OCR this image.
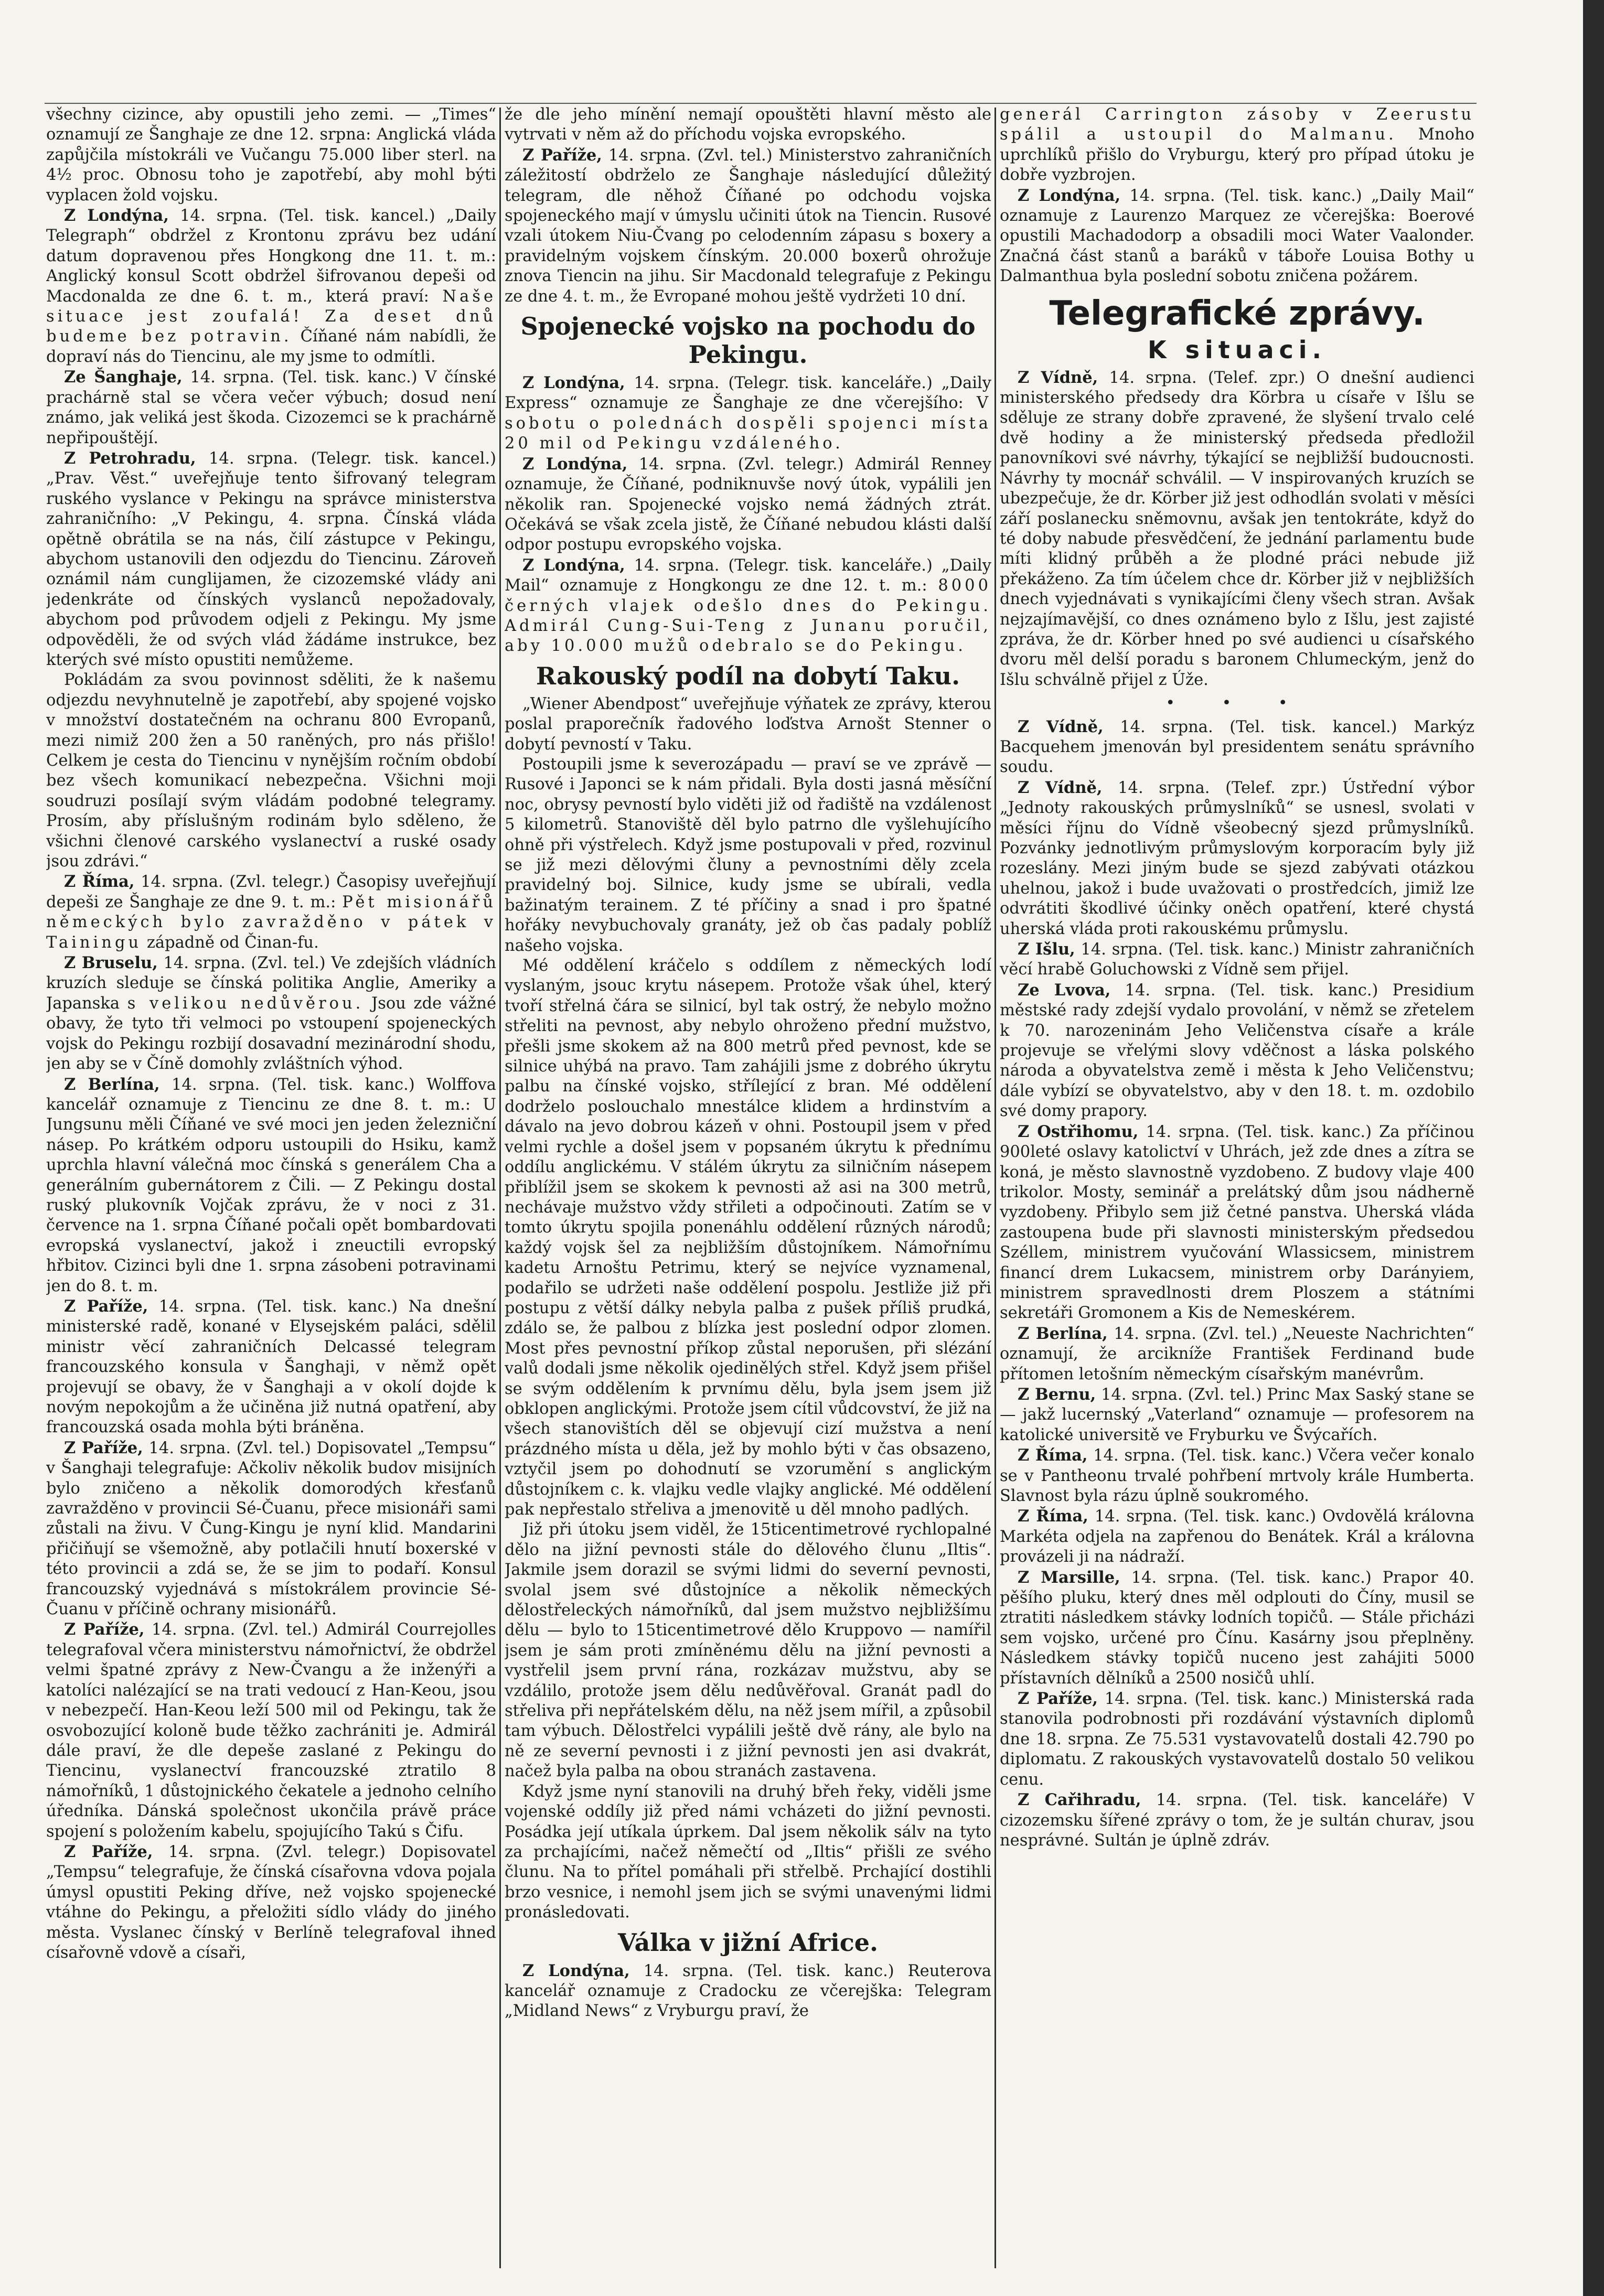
všechny cizince, aby opustili jeho zemi. — „Times“ oznamují ze Šanghaje ze dne 12. srpna: Anglická vláda zapůjčila místokráli ve Vučangu 75.000 liber sterl. na 4½ proc. Obnosu toho je zapotřebí, aby mohl býti vyplacen žold vojsku.

Z Londýna, 14. srpna. (Tel. tisk. kancel.) „Daily Telegraph“ obdržel z Krontonu zprávu bez udání datum dopravenou přes Hongkong dne 11. t. m.: Anglický konsul Scott obdržel šifrovanou depeši od Macdonalda ze dne 6. t. m., která praví: Naše situace jest zoufalá! Za deset dnů budeme bez potravin. Číňané nám nabídli, že dopraví nás do Tiencinu, ale my jsme to odmítli.

Ze Šanghaje, 14. srpna. (Tel. tisk. kanc.) V čínské prachárně stal se včera večer výbuch; dosud není známo, jak veliká jest škoda. Cizozemci se k prachárně nepřipouštějí.

Z Petrohradu, 14. srpna. (Telegr. tisk. kancel.) „Prav. Věst.“ uveřejňuje tento šifrovaný telegram ruského vyslance v Pekingu na správce ministerstva zahraničního: „V Pekingu, 4. srpna. Čínská vláda opětně obrátila se na nás, čilí zástupce v Pekingu, abychom ustanovili den odjezdu do Tiencinu. Zároveň oznámil nám cunglijamen, že cizozemské vlády ani jedenkráte od čínských vyslanců nepožadovaly, abychom pod průvodem odjeli z Pekingu. My jsme odpověděli, že od svých vlád žádáme instrukce, bez kterých své místo opustiti nemůžeme.

Pokládám za svou povinnost sděliti, že k našemu odjezdu nevyhnutelně je zapotřebí, aby spojené vojsko v množství dostatečném na ochranu 800 Evropanů, mezi nimiž 200 žen a 50 raněných, pro nás přišlo! Celkem je cesta do Tiencinu v nynějším ročním období bez všech komunikací nebezpečna. Všichni moji soudruzi posílají svým vládám podobné telegramy. Prosím, aby příslušným rodinám bylo sděleno, že všichni členové carského vyslanectví a ruské osady jsou zdrávi.“

Z Říma, 14. srpna. (Zvl. telegr.) Časopisy uveřejňují depeši ze Šanghaje ze dne 9. t. m.: Pět misionářů německých bylo zavražděno v pátek v Tainingu západně od Činan-fu.

Z Bruselu, 14. srpna. (Zvl. tel.) Ve zdejších vládních kruzích sleduje se čínská politika Anglie, Ameriky a Japanska s velikou nedůvěrou. Jsou zde vážné obavy, že tyto tři velmoci po vstoupení spojeneckých vojsk do Pekingu rozbijí dosavadní mezinárodní shodu, jen aby se v Číně domohly zvláštních výhod.

Z Berlína, 14. srpna. (Tel. tisk. kanc.) Wolffova kancelář oznamuje z Tiencinu ze dne 8. t. m.: U Jungsunu měli Číňané ve své moci jen jeden železniční násep. Po krátkém odporu ustoupili do Hsiku, kamž uprchla hlavní válečná moc čínská s generálem Cha a generálním gubernátorem z Čili. — Z Pekingu dostal ruský plukovník Vojčak zprávu, že v noci z 31. července na 1. srpna Číňané počali opět bombardovati evropská vyslanectví, jakož i zneuctili evropský hřbitov. Cizinci byli dne 1. srpna zásobeni potravinami jen do 8. t. m.

Z Paříže, 14. srpna. (Tel. tisk. kanc.) Na dnešní ministerské radě, konané v Elysejském paláci, sdělil ministr věcí zahraničních Delcassé telegram francouzského konsula v Šanghaji, v němž opět projevují se obavy, že v Šanghaji a v okolí dojde k novým nepokojům a že učiněna již nutná opatření, aby francouzská osada mohla býti bráněna.

Z Paříže, 14. srpna. (Zvl. tel.) Dopisovatel „Tempsu“ v Šanghaji telegrafuje: Ačkoliv několik budov misijních bylo zničeno a několik domorodých křesťanů zavražděno v provincii Sé-Čuanu, přece misionáři sami zůstali na živu. V Čung-Kingu je nyní klid. Mandarini přičiňují se všemožně, aby potlačili hnutí boxerské v této provincii a zdá se, že se jim to podaří. Konsul francouzský vyjednává s místokrálem provincie Sé-Čuanu v příčině ochrany misionářů.

Z Paříže, 14. srpna. (Zvl. tel.) Admirál Courrejolles telegrafoval včera ministerstvu námořnictví, že obdržel velmi špatné zprávy z New-Čvangu a že inženýři a katolíci nalézající se na trati vedoucí z Han-Keou, jsou v nebezpečí. Han-Keou leží 500 mil od Pekingu, tak že osvobozující koloně bude těžko zachrániti je. Admirál dále praví, že dle depeše zaslané z Pekingu do Tiencinu, vyslanectví francouzské ztratilo 8 námořníků, 1 důstojnického čekatele a jednoho celního úředníka. Dánská společnost ukončila právě práce spojení s položením kabelu, spojujícího Takú s Čifu.

Z Paříže, 14. srpna. (Zvl. telegr.) Dopisovatel „Tempsu“ telegrafuje, že čínská císařovna vdova pojala úmysl opustiti Peking dříve, než vojsko spojenecké vtáhne do Pekingu, a přeložiti sídlo vlády do jiného města. Vyslanec čínský v Berlíně telegrafoval ihned císařovně vdově a císaři,

že dle jeho mínění nemají opouštěti hlavní město ale vytrvati v něm až do příchodu vojska evropského.

Z Paříže, 14. srpna. (Zvl. tel.) Ministerstvo zahraničních záležitostí obdrželo ze Šanghaje následující důležitý telegram, dle něhož Číňané po odchodu vojska spojeneckého mají v úmyslu učiniti útok na Tiencin. Rusové vzali útokem Niu-Čvang po celodenním zápasu s boxery a pravidelným vojskem čínským. 20.000 boxerů ohrožuje znova Tiencin na jihu. Sir Macdonald telegrafuje z Pekingu ze dne 4. t. m., že Evropané mohou ještě vydržeti 10 dní.

Spojenecké vojsko na pochodu do Pekingu.

Z Londýna, 14. srpna. (Telegr. tisk. kanceláře.) „Daily Express“ oznamuje ze Šanghaje ze dne včerejšího: V sobotu o polednách dospěli spojenci místa 20 mil od Pekingu vzdáleného.

Z Londýna, 14. srpna. (Zvl. telegr.) Admirál Renney oznamuje, že Číňané, podniknuvše nový útok, vypálili jen několik ran. Spojenecké vojsko nemá žádných ztrát. Očekává se však zcela jistě, že Číňané nebudou klásti další odpor postupu evropského vojska.

Z Londýna, 14. srpna. (Telegr. tisk. kanceláře.) „Daily Mail“ oznamuje z Hongkongu ze dne 12. t. m.: 8000 černých vlajek odešlo dnes do Pekingu. Admirál Cung-Sui-Teng z Junanu poručil, aby 10.000 mužů odebralo se do Pekingu.

Rakouský podíl na dobytí Taku.

„Wiener Abendpost“ uveřejňuje výňatek ze zprávy, kterou poslal praporečník řadového loďstva Arnošt Stenner o dobytí pevností v Taku.

Postoupili jsme k severozápadu — praví se ve zprávě — Rusové i Japonci se k nám přidali. Byla dosti jasná měsíční noc, obrysy pevností bylo viděti již od řadiště na vzdálenost 5 kilometrů. Stanoviště děl bylo patrno dle vyšlehujícího ohně při výstřelech. Když jsme postupovali v před, rozvinul se již mezi dělovými čluny a pevnostními děly zcela pravidelný boj. Silnice, kudy jsme se ubírali, vedla bažinatým terainem. Z té příčiny a snad i pro špatné hořáky nevybuchovaly granáty, jež ob čas padaly poblíž našeho vojska.

Mé oddělení kráčelo s oddílem z německých lodí vyslaným, jsouc krytu násepem. Protože však úhel, který tvoří střelná čára se silnicí, byl tak ostrý, že nebylo možno střeliti na pevnost, aby nebylo ohroženo přední mužstvo, přešli jsme skokem až na 800 metrů před pevnost, kde se silnice uhýbá na pravo. Tam zahájili jsme z dobrého úkrytu palbu na čínské vojsko, střílející z bran. Mé oddělení dodrželo poslouchalo mnestálce klidem a hrdinstvím a dávalo na jevo dobrou kázeň v ohni. Postoupil jsem v před velmi rychle a došel jsem v popsaném úkrytu k přednímu oddílu anglickému. V stálém úkrytu za silničním násepem přiblížil jsem se skokem k pevnosti až asi na 300 metrů, nechávaje mužstvo vždy střileti a odpočinouti. Zatím se v tomto úkrytu spojila ponenáhlu oddělení různých národů; každý vojsk šel za nejbližším důstojníkem. Námořnímu kadetu Arnoštu Petrimu, který se nejvíce vyznamenal, podařilo se udržeti naše oddělení pospolu. Jestliže již při postupu z větší dálky nebyla palba z pušek příliš prudká, zdálo se, že palbou z blízka jest poslední odpor zlomen. Most přes pevnostní příkop zůstal neporušen, při slézání valů dodali jsme několik ojedinělých střel. Když jsem přišel se svým oddělením k prvnímu dělu, byla jsem jsem již obklopen anglickými. Protože jsem cítil vůdcovství, že již na všech stanovištích děl se objevují cizí mužstva a není prázdného místa u děla, jež by mohlo býti v čas obsazeno, vztyčil jsem po dohodnutí se vzorumění s anglickým důstojníkem c. k. vlajku vedle vlajky anglické. Mé oddělení pak nepřestalo střeliva a jmenovitě u děl mnoho padlých.

Již při útoku jsem viděl, že 15ticentimetrové rychlopalné dělo na jižní pevnosti stále do dělového člunu „Iltis“. Jakmile jsem dorazil se svými lidmi do severní pevnosti, svolal jsem své důstojníce a několik německých dělostřeleckých námořníků, dal jsem mužstvo nejbližšímu dělu — bylo to 15ticentimetrové dělo Kruppovo — namířil jsem je sám proti zmíněnému dělu na jižní pevnosti a vystřelil jsem první rána, rozkázav mužstvu, aby se vzdálilo, protože jsem dělu nedůvěřoval. Granát padl do střeliva při nepřátelském dělu, na něž jsem mířil, a způsobil tam výbuch. Dělostřelci vypálili ještě dvě rány, ale bylo na ně ze severní pevnosti i z jižní pevnosti jen asi dvakrát, načež byla palba na obou stranách zastavena.

Když jsme nyní stanovili na druhý břeh řeky, viděli jsme vojenské oddíly již před námi vcházeti do jižní pevnosti. Posádka její utíkala úprkem. Dal jsem několik sálv na tyto za prchajícími, načež němečtí od „Iltis“ přišli ze svého člunu. Na to přítel pomáhali při střelbě. Prchající dostihli brzo vesnice, i nemohl jsem jich se svými unavenými lidmi pronásledovati.

Válka v jižní Africe.

Z Londýna, 14. srpna. (Tel. tisk. kanc.) Reuterova kancelář oznamuje z Cradocku ze včerejška: Telegram „Midland News“ z Vryburgu praví, že

generál Carrington zásoby v Zeerustu spálil a ustoupil do Malmanu. Mnoho uprchlíků přišlo do Vryburgu, který pro případ útoku je dobře vyzbrojen.

Z Londýna, 14. srpna. (Tel. tisk. kanc.) „Daily Mail“ oznamuje z Laurenzo Marquez ze včerejška: Boerové opustili Machadodorp a obsadili moci Water Vaalonder. Značná část stanů a baráků v táboře Louisa Bothy u Dalmanthua byla poslední sobotu zničena požárem.

Telegrafické zprávy.
K situaci.

Z Vídně, 14. srpna. (Telef. zpr.) O dnešní audienci ministerského předsedy dra Körbra u císaře v Išlu se sděluje ze strany dobře zpravené, že slyšení trvalo celé dvě hodiny a že ministerský předseda předložil panovníkovi své návrhy, týkající se nejbližší budoucnosti. Návrhy ty mocnář schválil. — V inspirovaných kruzích se ubezpečuje, že dr. Körber již jest odhodlán svolati v měsíci září poslanecku sněmovnu, avšak jen tentokráte, když do té doby nabude přesvědčení, že jednání parlamentu bude míti klidný průběh a že plodné práci nebude již překáženo. Za tím účelem chce dr. Körber již v nejbližších dnech vyjednávati s vynikajícími členy všech stran. Avšak nejzajímavější, co dnes oznámeno bylo z Išlu, jest zajisté zpráva, že dr. Körber hned po své audienci u císařského dvoru měl delší poradu s baronem Chlumeckým, jenž do Išlu schválně přijel z Úže.

• • •

Z Vídně, 14. srpna. (Tel. tisk. kancel.) Markýz Bacquehem jmenován byl presidentem senátu správního soudu.

Z Vídně, 14. srpna. (Telef. zpr.) Ústřední výbor „Jednoty rakouských průmyslníků“ se usnesl, svolati v měsíci říjnu do Vídně všeobecný sjezd průmyslníků. Pozvánky jednotlivým průmyslovým korporacím byly již rozeslány. Mezi jiným bude se sjezd zabývati otázkou uhelnou, jakož i bude uvažovati o prostředcích, jimiž lze odvrátiti škodlivé účinky oněch opatření, které chystá uherská vláda proti rakouskému průmyslu.

Z Išlu, 14. srpna. (Tel. tisk. kanc.) Ministr zahraničních věcí hrabě Goluchowski z Vídně sem přijel.

Ze Lvova, 14. srpna. (Tel. tisk. kanc.) Presidium městské rady zdejší vydalo provolání, v němž se zřetelem k 70. narozeninám Jeho Veličenstva císaře a krále projevuje se vřelými slovy vděčnost a láska polského národa a obyvatelstva země i města k Jeho Veličenstvu; dále vybízí se obyvatelstvo, aby v den 18. t. m. ozdobilo své domy prapory.

Z Ostřihomu, 14. srpna. (Tel. tisk. kanc.) Za příčinou 900leté oslavy katolictví v Uhrách, jež zde dnes a zítra se koná, je město slavnostně vyzdobeno. Z budovy vlaje 400 trikolor. Mosty, seminář a prelátský dům jsou nádherně vyzdobeny. Přibylo sem již četné panstva. Uherská vláda zastoupena bude při slavnosti ministerským předsedou Széllem, ministrem vyučování Wlassicsem, ministrem financí drem Lukacsem, ministrem orby Darányiem, ministrem spravedlnosti drem Ploszem a státními sekretáři Gromonem a Kis de Nemeskérem.

Z Berlína, 14. srpna. (Zvl. tel.) „Neueste Nachrichten“ oznamují, že arcikníže František Ferdinand bude přítomen letošním německým císařským manévrům.

Z Bernu, 14. srpna. (Zvl. tel.) Princ Max Saský stane se — jakž lucernský „Vaterland“ oznamuje — profesorem na katolické universitě ve Fryburku ve Švýcařích.

Z Říma, 14. srpna. (Tel. tisk. kanc.) Včera večer konalo se v Pantheonu trvalé pohřbení mrtvoly krále Humberta. Slavnost byla rázu úplně soukromého.

Z Říma, 14. srpna. (Tel. tisk. kanc.) Ovdovělá královna Markéta odjela na zapřenou do Benátek. Král a královna provázeli ji na nádraží.

Z Marsille, 14. srpna. (Tel. tisk. kanc.) Prapor 40. pěšího pluku, který dnes měl odplouti do Číny, musil se ztratiti následkem stávky lodních topičů. — Stále přicházi sem vojsko, určené pro Čínu. Kasárny jsou přeplněny. Následkem stávky topičů nuceno jest zahájiti 5000 přístavních dělníků a 2500 nosičů uhlí.

Z Paříže, 14. srpna. (Tel. tisk. kanc.) Ministerská rada stanovila podrobnosti při rozdávání výstavních diplomů dne 18. srpna. Ze 75.531 vystavovatelů dostali 42.790 po diplomatu. Z rakouských vystavovatelů dostalo 50 velikou cenu.

Z Cařihradu, 14. srpna. (Tel. tisk. kanceláře) V cizozemsku šířené zprávy o tom, že je sultán churav, jsou nesprávné. Sultán je úplně zdráv.
